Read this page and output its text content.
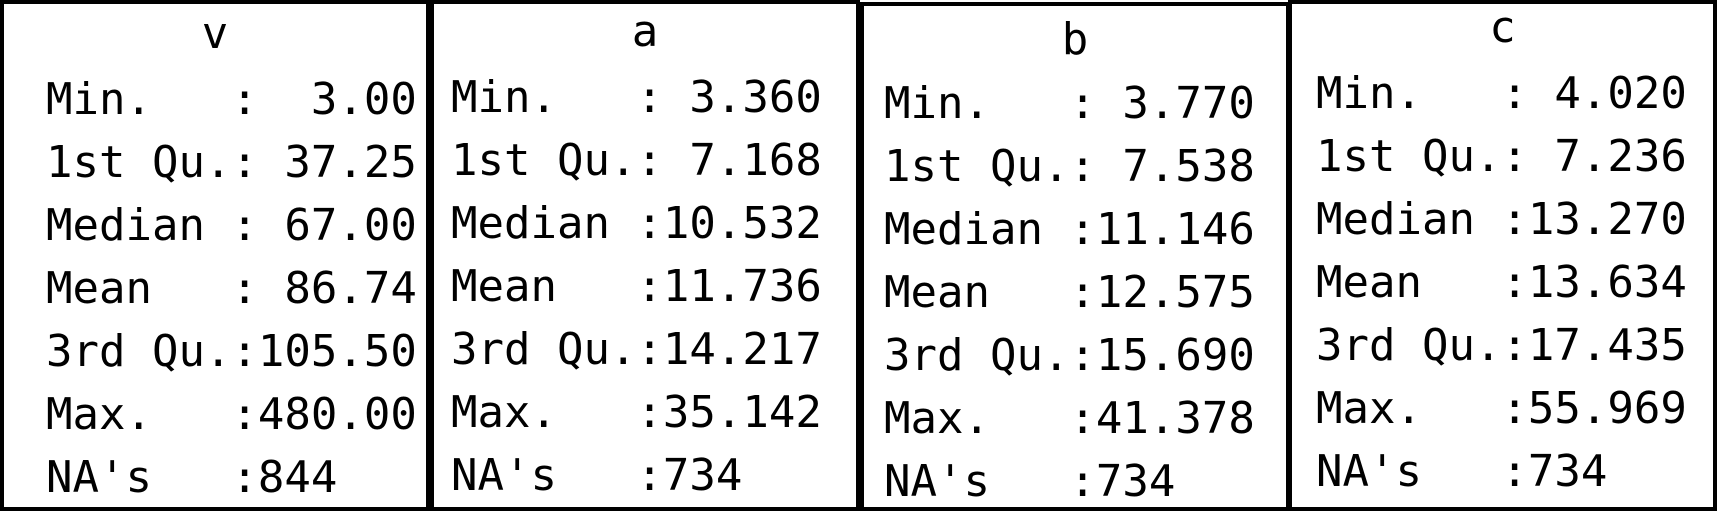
v
Min.   :  3.00
1st Qu.: 37.25
Median : 67.00
Mean   : 86.74
3rd Qu.:105.50
Max.   :480.00
NA's   :844
a
Min.   : 3.360
1st Qu.: 7.168
Median :10.532
Mean   :11.736
3rd Qu.:14.217
Max.   :35.142
NA's   :734
b
Min.   : 3.770
1st Qu.: 7.538
Median :11.146
Mean   :12.575
3rd Qu.:15.690
Max.   :41.378
NA's   :734
c
Min.   : 4.020
1st Qu.: 7.236
Median :13.270
Mean   :13.634
3rd Qu.:17.435
Max.   :55.969
NA's   :734
